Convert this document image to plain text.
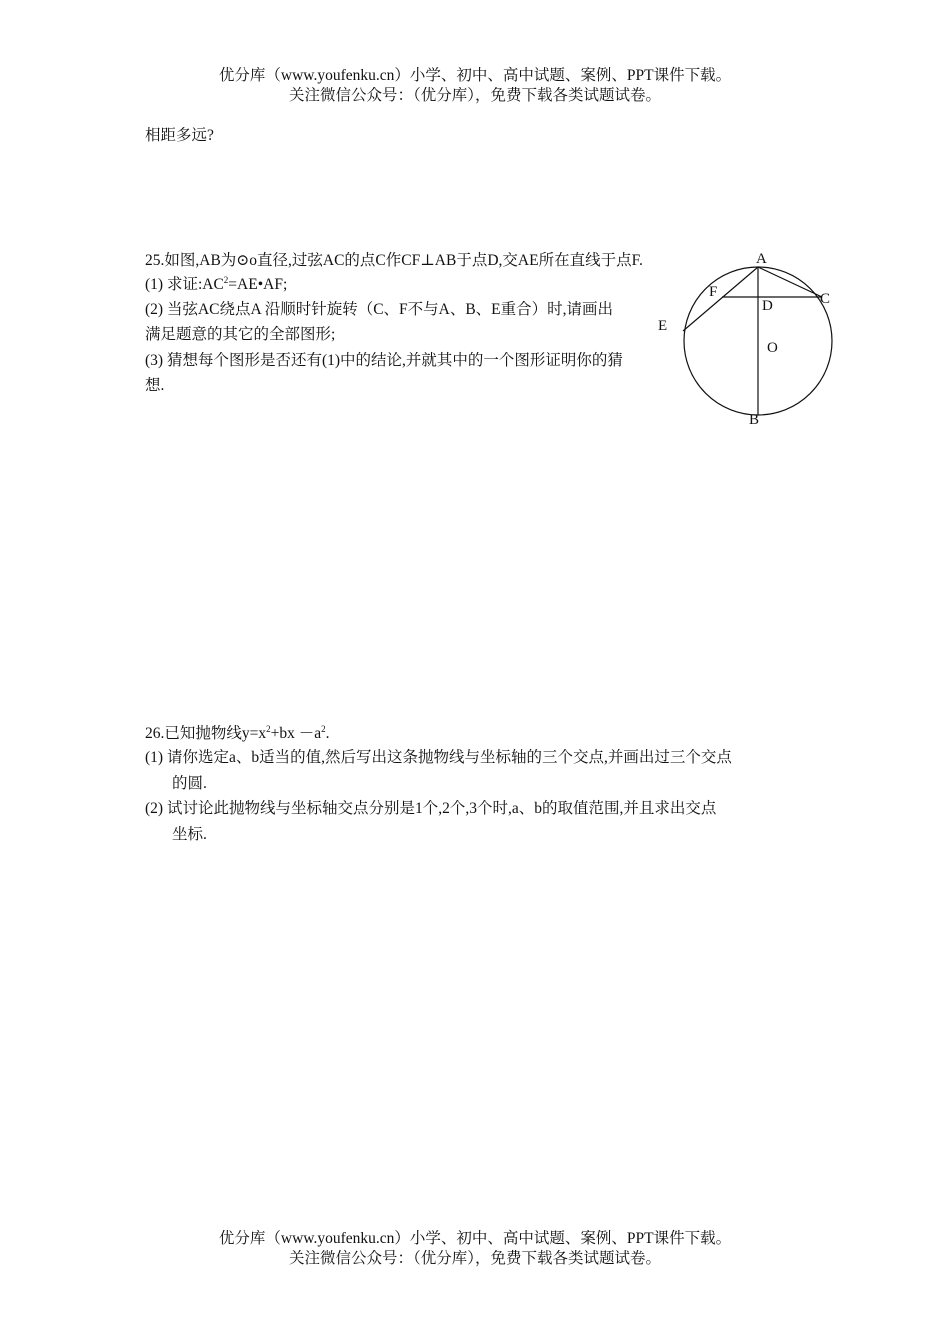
优分库（www.youfenku.cn）小学、初中、高中试题、案例、PPT课件下载。
关注微信公众号：（优分库），免费下载各类试题试卷。
相距多远?
25.如图,AB为⊙o直径,过弦AC的点C作CF⊥AB于点D,交AE所在直线于点F.
(1) 求证$:AC^2=AE•AF$;
(2) 当弦AC绕点A 沿顺时针旋转（C、F不与A、B、E重合）时,请画出
满足题意的其它的全部图形;
(3) 猜想每个图形是否还有(1)中的结论,并就其中的一个图形证明你的猜
想.
A
B
C
D
E
F
O
26.已知抛物线$y=x^2+bx -a^2$.
(1) 请你选定a、b适当的值,然后写出这条抛物线与坐标轴的三个交点,并画出过三个交点
的圆.
(2) 试讨论此抛物线与坐标轴交点分别是1个,2个,3个时,a、b的取值范围,并且求出交点
坐标.
优分库（www.youfenku.cn）小学、初中、高中试题、案例、PPT课件下载。
关注微信公众号：（优分库），免费下载各类试题试卷。
